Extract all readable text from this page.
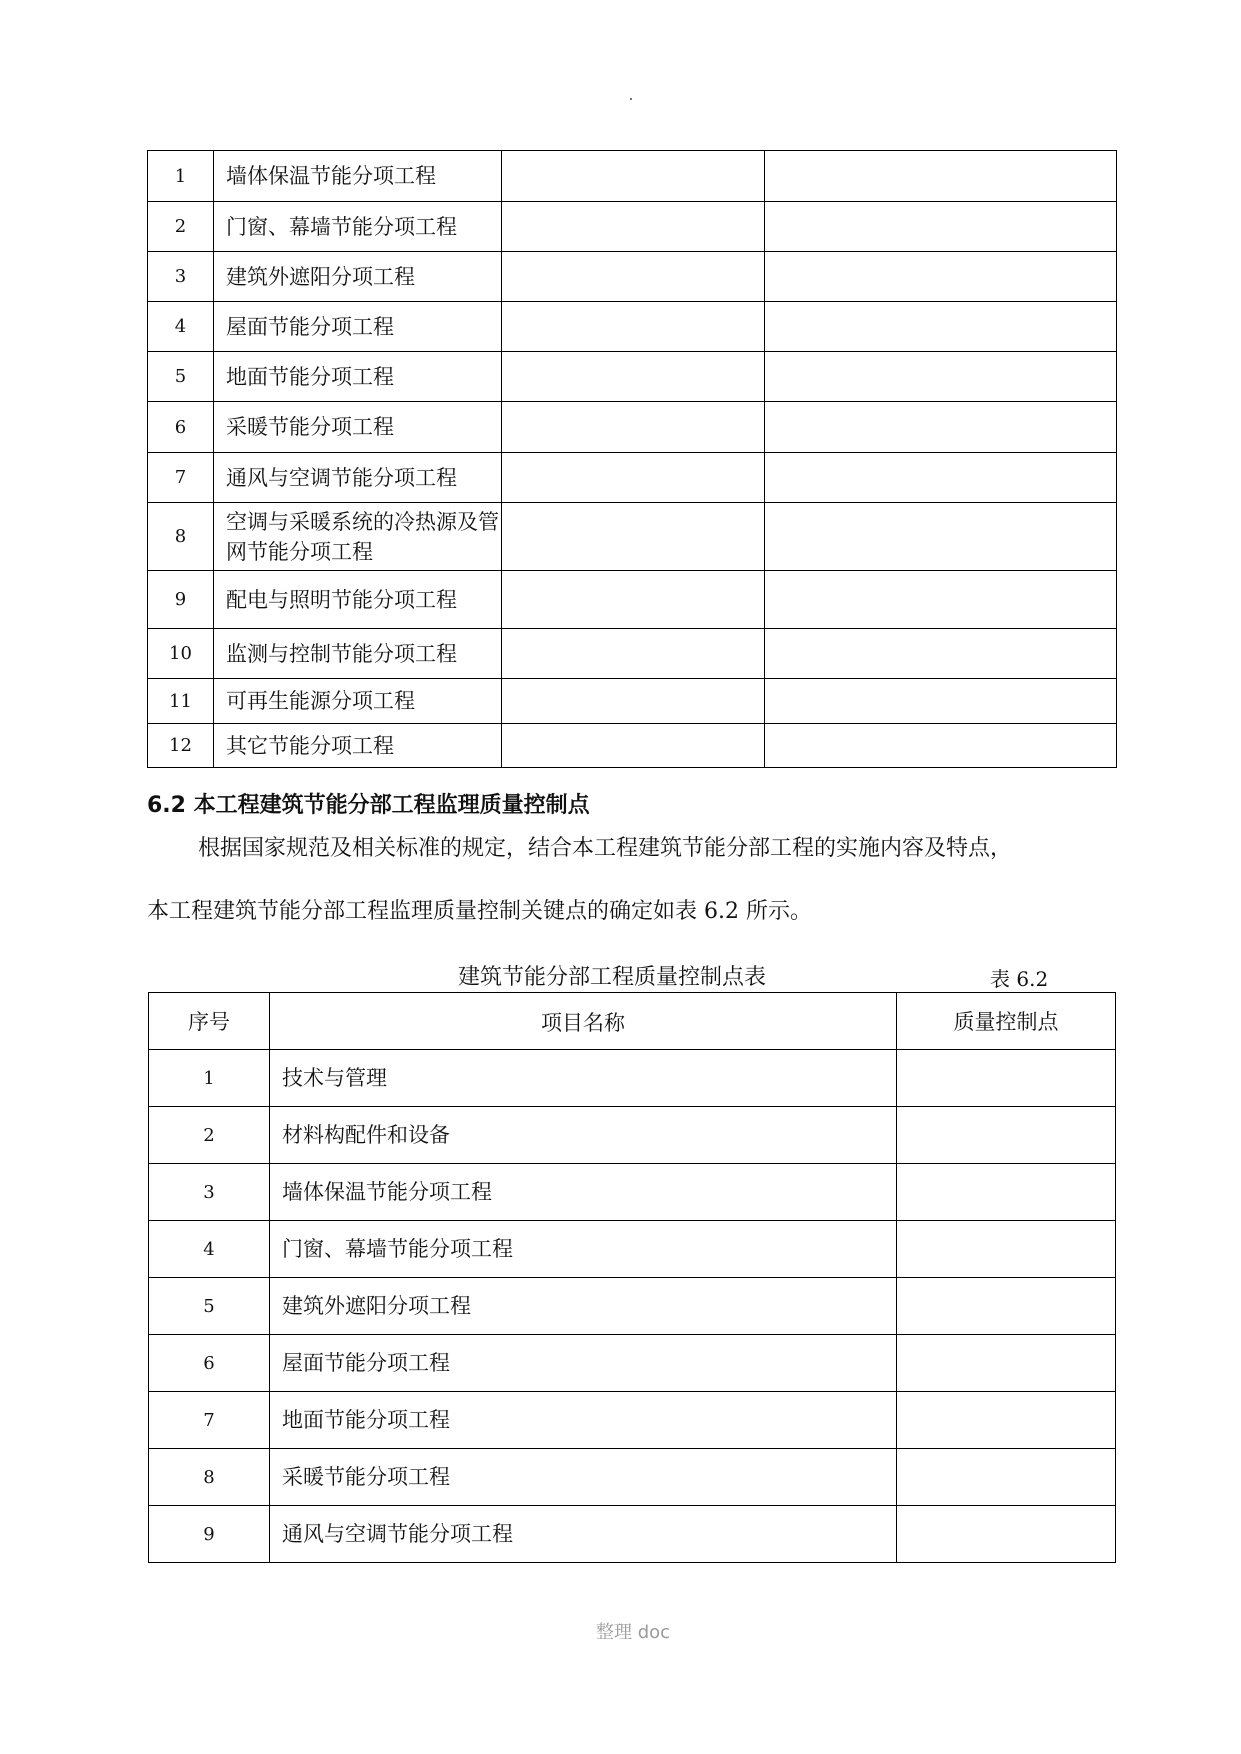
1	墙体保温节能分项工程		
2	门窗、幕墙节能分项工程		
3	建筑外遮阳分项工程		
4	屋面节能分项工程		
5	地面节能分项工程		
6	采暖节能分项工程		
7	通风与空调节能分项工程		
8	空调与采暖系统的冷热源及管网节能分项工程		
9	配电与照明节能分项工程		
10	监测与控制节能分项工程		
11	可再生能源分项工程		
12	其它节能分项工程		
6.2 本工程建筑节能分部工程监理质量控制点
根据国家规范及相关标准的规定，结合本工程建筑节能分部工程的实施内容及特点，
本工程建筑节能分部工程监理质量控制关键点的确定如表 6.2 所示。
建筑节能分部工程质量控制点表	表 6.2
序号	项目名称	质量控制点
1	技术与管理	
2	材料构配件和设备	
3	墙体保温节能分项工程	
4	门窗、幕墙节能分项工程	
5	建筑外遮阳分项工程	
6	屋面节能分项工程	
7	地面节能分项工程	
8	采暖节能分项工程	
9	通风与空调节能分项工程	
整理 doc
